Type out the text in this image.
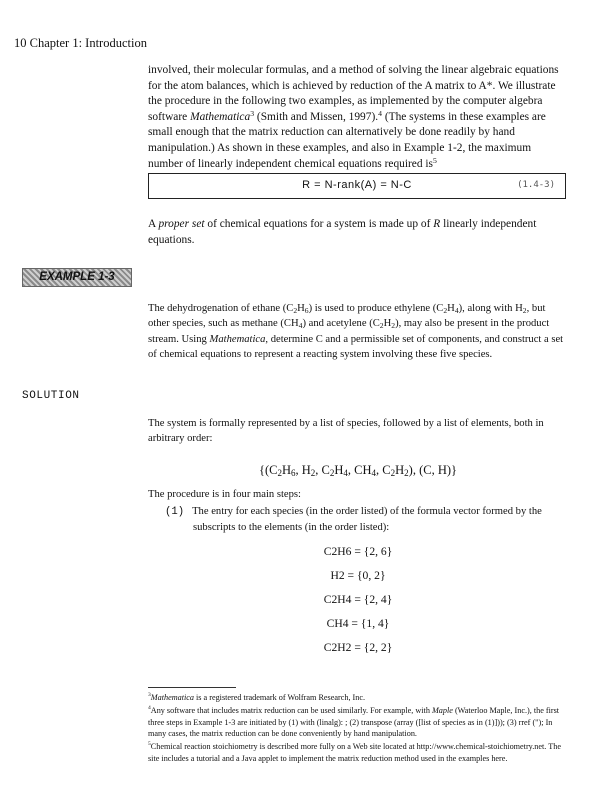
10 Chapter 1: Introduction

involved, their molecular formulas, and a method of solving the linear algebraic equations for the atom balances, which is achieved by reduction of the A matrix to A*. We illustrate the procedure in the following two examples, as implemented by the computer algebra software Mathematica$^3$ (Smith and Missen, 1997).$^4$ (The systems in these examples are small enough that the matrix reduction can alternatively be done readily by hand manipulation.) As shown in these examples, and also in Example 1-2, the maximum number of linearly independent chemical equations required $is^5$

R = N-rank(A) = N-C	(1.4-3)

A proper set of chemical equations for a system is made up of R linearly independent equations.

EXAMPLE 1-3

The dehydrogenation of ethane $(C_2H_6)$ is used to produce ethylene $(C_2H_4)$, along with $H_2$, but other species, such as methane $(CH_4)$ and acetylene $(C_2H_2)$, may also be present in the product stream. Using Mathematica, determine C and a permissible set of components, and construct a set of chemical equations to represent a reacting system involving these five species.

SOLUTION

The system is formally represented by a list of species, followed by a list of elements, both in arbitrary order:

{($C_2H_6$, $H_2$, $C_2H_4$, $CH_4$, $C_2H_2$), (C, H)}

The procedure is in four main steps:

(1) The entry for each species (in the order listed) of the formula vector formed by the
subscripts to the elements (in the order listed):
C2H6 = {2, 6}
H2 = {0, 2}
C2H4 = {2, 4}
CH4 = {1, 4}
C2H2 = {2, 2}
$^3$Mathematica is a registered trademark of Wolfram Research, Inc.
$^4$Any software that includes matrix reduction can be used similarly. For example, with Maple (Waterloo Maple, Inc.), the first three steps in Example 1-3 are initiated by (1) with (linalg): ; (2) transpose (array ([list of species as in (1)])); (3) rref ("); In many cases, the matrix reduction can be done conveniently by hand manipulation.
$^5$Chemical reaction stoichiometry is described more fully on a Web site located at http://www.chemical-stoichiometry.net. The site includes a tutorial and a Java applet to implement the matrix reduction method used in the examples here.
